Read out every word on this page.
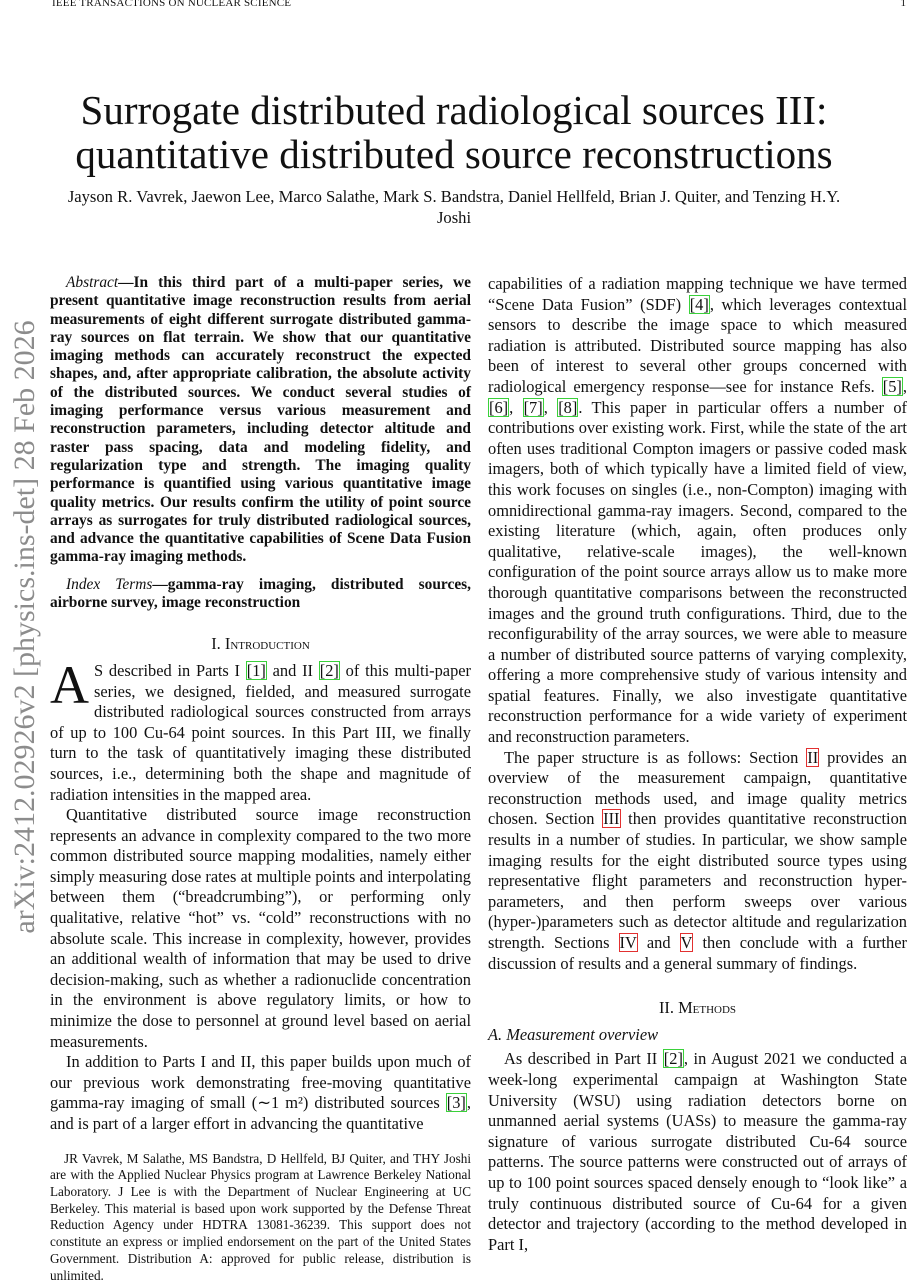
IEEE TRANSACTIONS ON NUCLEAR SCIENCE	1
arXiv:2412.02926v2 [physics.ins-det] 28 Feb 2026
Surrogate distributed radiological sources III: quantitative distributed source reconstructions
Jayson R. Vavrek, Jaewon Lee, Marco Salathe, Mark S. Bandstra, Daniel Hellfeld, Brian J. Quiter, and Tenzing H.Y. Joshi
Abstract—In this third part of a multi-paper series, we present quantitative image reconstruction results from aerial measurements of eight different surrogate distributed gamma-ray sources on flat terrain. We show that our quantitative imaging methods can accurately reconstruct the expected shapes, and, after appropriate calibration, the absolute activity of the distributed sources. We conduct several studies of imaging performance versus various measurement and reconstruction parameters, including detector altitude and raster pass spacing, data and modeling fidelity, and regularization type and strength. The imaging quality performance is quantified using various quantitative image quality metrics. Our results confirm the utility of point source arrays as surrogates for truly distributed radiological sources, and advance the quantitative capabilities of Scene Data Fusion gamma-ray imaging methods.
Index Terms—gamma-ray imaging, distributed sources, airborne survey, image reconstruction

I. Introduction

A S described in Parts I [1] and II [2] of this multi-paper series, we designed, fielded, and measured surrogate distributed radiological sources constructed from arrays of up to 100 Cu-64 point sources. In this Part III, we finally turn to the task of quantitatively imaging these distributed sources, i.e., determining both the shape and magnitude of radiation intensities in the mapped area.

Quantitative distributed source image reconstruction represents an advance in complexity compared to the two more common distributed source mapping modalities, namely either simply measuring dose rates at multiple points and interpolating between them (“breadcrumbing”), or performing only qualitative, relative “hot” vs. “cold” reconstructions with no absolute scale. This increase in complexity, however, provides an additional wealth of information that may be used to drive decision-making, such as whether a radionuclide concentration in the environment is above regulatory limits, or how to minimize the dose to personnel at ground level based on aerial measurements.

In addition to Parts I and II, this paper builds upon much of our previous work demonstrating free-moving quantitative gamma-ray imaging of small (∼1 m²) distributed sources [3], and is part of a larger effort in advancing the quantitative

JR Vavrek, M Salathe, MS Bandstra, D Hellfeld, BJ Quiter, and THY Joshi are with the Applied Nuclear Physics program at Lawrence Berkeley National Laboratory. J Lee is with the Department of Nuclear Engineering at UC Berkeley. This material is based upon work supported by the Defense Threat Reduction Agency under HDTRA 13081-36239. This support does not constitute an express or implied endorsement on the part of the United States Government. Distribution A: approved for public release, distribution is unlimited.

capabilities of a radiation mapping technique we have termed “Scene Data Fusion” (SDF) [4], which leverages contextual sensors to describe the image space to which measured radiation is attributed. Distributed source mapping has also been of interest to several other groups concerned with radiological emergency response—see for instance Refs. [5], [6], [7], [8]. This paper in particular offers a number of contributions over existing work. First, while the state of the art often uses traditional Compton imagers or passive coded mask imagers, both of which typically have a limited field of view, this work focuses on singles (i.e., non-Compton) imaging with omnidirectional gamma-ray imagers. Second, compared to the existing literature (which, again, often produces only qualitative, relative-scale images), the well-known configuration of the point source arrays allow us to make more thorough quantitative comparisons between the reconstructed images and the ground truth configurations. Third, due to the reconfigurability of the array sources, we were able to measure a number of distributed source patterns of varying complexity, offering a more comprehensive study of various intensity and spatial features. Finally, we also investigate quantitative reconstruction performance for a wide variety of experiment and reconstruction parameters.

The paper structure is as follows: Section II provides an overview of the measurement campaign, quantitative reconstruction methods used, and image quality metrics chosen. Section III then provides quantitative reconstruction results in a number of studies. In particular, we show sample imaging results for the eight distributed source types using representative flight parameters and reconstruction hyper-parameters, and then perform sweeps over various (hyper-)parameters such as detector altitude and regularization strength. Sections IV and V then conclude with a further discussion of results and a general summary of findings.

II. Methods

A. Measurement overview

As described in Part II [2], in August 2021 we conducted a week-long experimental campaign at Washington State University (WSU) using radiation detectors borne on unmanned aerial systems (UASs) to measure the gamma-ray signature of various surrogate distributed Cu-64 source patterns. The source patterns were constructed out of arrays of up to 100 point sources spaced densely enough to “look like” a truly continuous distributed source of Cu-64 for a given detector and trajectory (according to the method developed in Part I,
